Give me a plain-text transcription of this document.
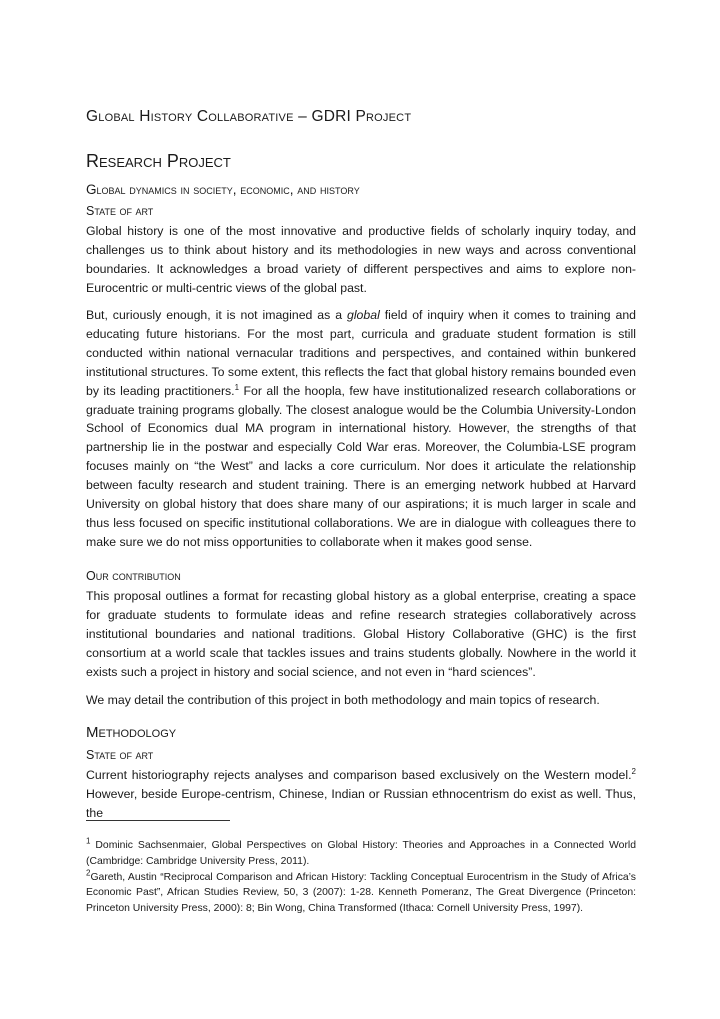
Global History Collaborative – GDRI Project
Research Project
Global dynamics in society, economic, and history
State of art

Global history is one of the most innovative and productive fields of scholarly inquiry today, and challenges us to think about history and its methodologies in new ways and across conventional boundaries. It acknowledges a broad variety of different perspectives and aims to explore non-Eurocentric or multi-centric views of the global past.

But, curiously enough, it is not imagined as a global field of inquiry when it comes to training and educating future historians. For the most part, curricula and graduate student formation is still conducted within national vernacular traditions and perspectives, and contained within bunkered institutional structures. To some extent, this reflects the fact that global history remains bounded even by its leading practitioners.$^1$ For all the hoopla, few have institutionalized research collaborations or graduate training programs globally. The closest analogue would be the Columbia University-London School of Economics dual MA program in international history. However, the strengths of that partnership lie in the postwar and especially Cold War eras. Moreover, the Columbia-LSE program focuses mainly on “the West” and lacks a core curriculum. Nor does it articulate the relationship between faculty research and student training. There is an emerging network hubbed at Harvard University on global history that does share many of our aspirations; it is much larger in scale and thus less focused on specific institutional collaborations. We are in dialogue with colleagues there to make sure we do not miss opportunities to collaborate when it makes good sense.

Our contribution

This proposal outlines a format for recasting global history as a global enterprise, creating a space for graduate students to formulate ideas and refine research strategies collaboratively across institutional boundaries and national traditions. Global History Collaborative (GHC) is the first consortium at a world scale that tackles issues and trains students globally. Nowhere in the world it exists such a project in history and social science, and not even in “hard sciences”.

We may detail the contribution of this project in both methodology and main topics of research.

Methodology
State of art

Current historiography rejects analyses and comparison based exclusively on the Western model.$^2$ However, beside Europe-centrism, Chinese, Indian or Russian ethnocentrism do exist as well. Thus, the

$^1$ Dominic Sachsenmaier, Global Perspectives on Global History: Theories and Approaches in a Connected World (Cambridge: Cambridge University Press, 2011).

$^2$Gareth, Austin “Reciprocal Comparison and African History: Tackling Conceptual Eurocentrism in the Study of Africa’s Economic Past”, African Studies Review, 50, 3 (2007): 1-28. Kenneth Pomeranz, The Great Divergence (Princeton: Princeton University Press, 2000): 8; Bin Wong, China Transformed (Ithaca: Cornell University Press, 1997).
